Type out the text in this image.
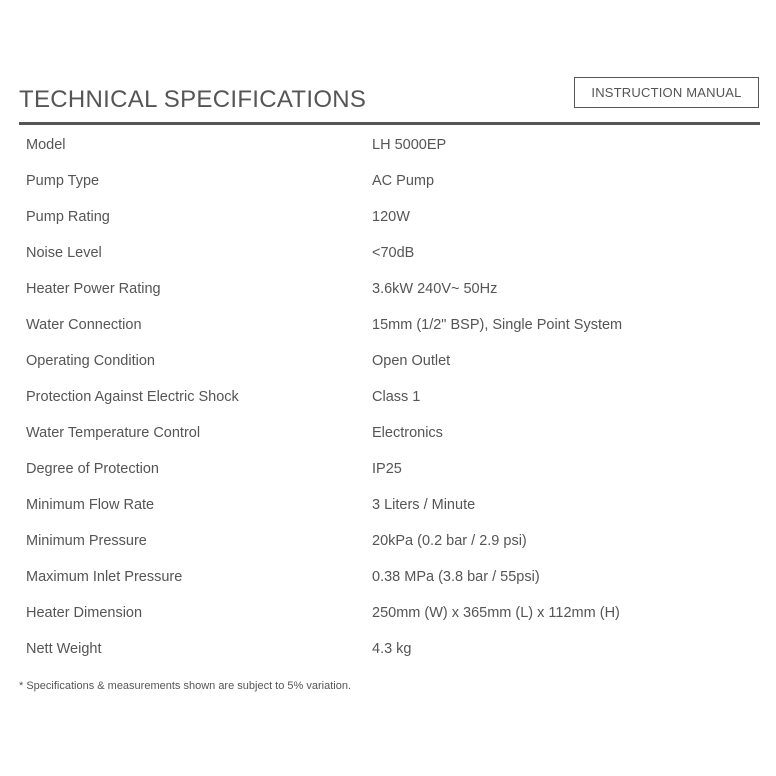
INSTRUCTION MANUAL
TECHNICAL SPECIFICATIONS
Model	LH 5000EP
Pump Type	AC Pump
Pump Rating	120W
Noise Level	<70dB
Heater Power Rating	3.6kW 240V~ 50Hz
Water Connection	15mm (1/2" BSP), Single Point System
Operating Condition	Open Outlet
Protection Against Electric Shock	Class 1
Water Temperature Control	Electronics
Degree of Protection	IP25
Minimum Flow Rate	3 Liters / Minute
Minimum Pressure	20kPa (0.2 bar / 2.9 psi)
Maximum Inlet Pressure	0.38 MPa (3.8 bar / 55psi)
Heater Dimension	250mm (W) x 365mm (L) x 112mm (H)
Nett Weight	4.3 kg
* Specifications & measurements shown are subject to 5% variation.
